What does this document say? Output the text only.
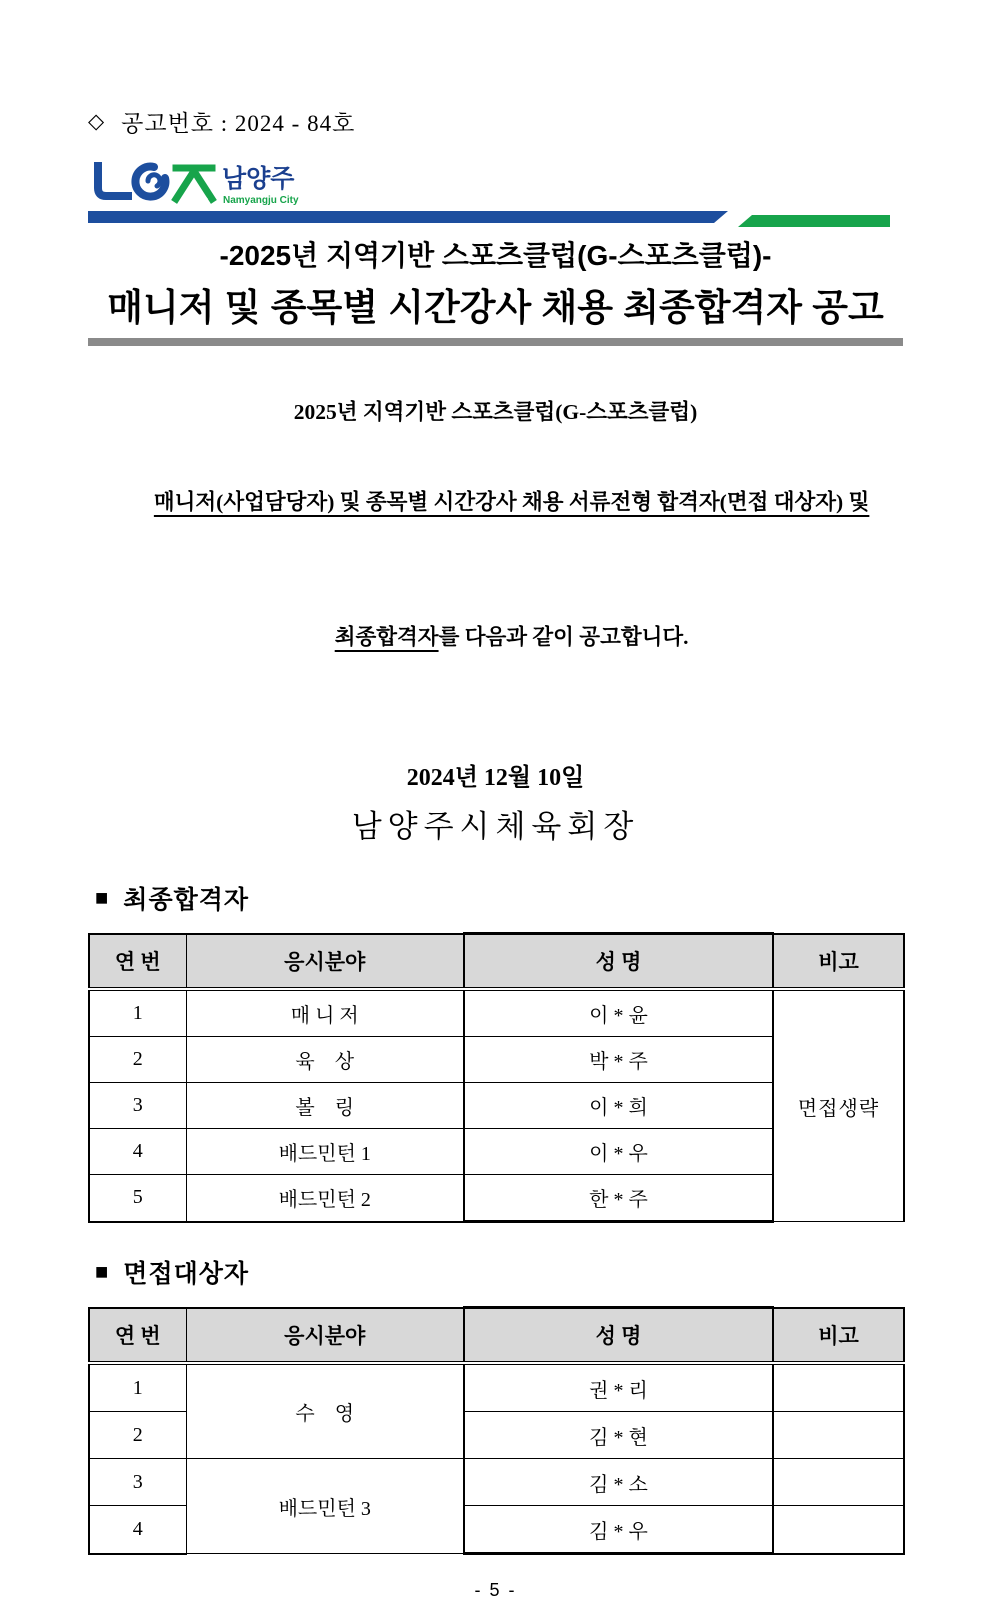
◇ 공고번호 : 2024 - 84호
남양주
Namyangju City
-2025년 지역기반 스포츠클럽(G-스포츠클럽)-
매니저 및 종목별 시간강사 채용 최종합격자 공고
2025년 지역기반 스포츠클럽(G-스포츠클럽)

매니저(사업담당자) 및 종목별 시간강사 채용 서류전형 합격자(면접 대상자) 및

최종합격자를 다음과 같이 공고합니다.

2024년 12월 10일
남양주시체육회장
■ 최종합격자
연 번	응시분야	성 명	비고
1	매 니 저	이 * 윤	면접생략
2	육    상	박 * 주	
3	볼    링	이 * 희	
4	배드민턴 1	이 * 우	
5	배드민턴 2	한 * 주	
■ 면접대상자
연 번	응시분야	성 명	비고
1	수    영	권 * 리	
2		김 * 현	
3	배드민턴 3	김 * 소	
4		김 * 우	
- 5 -
